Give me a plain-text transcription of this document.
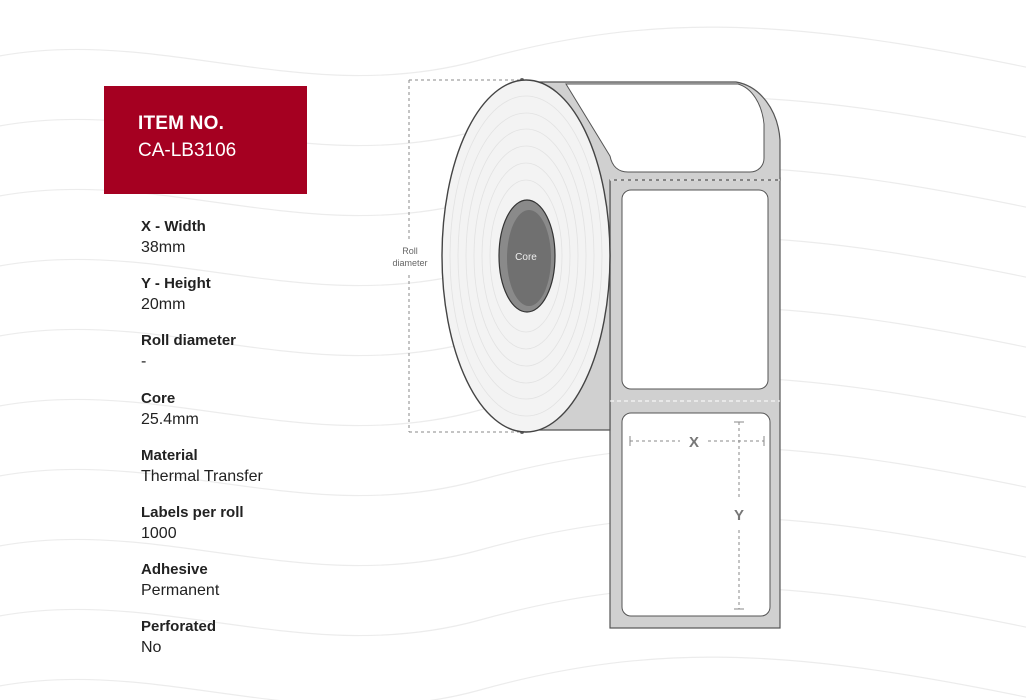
ITEM NO.
CA-LB3106
X - Width
38mm
Y - Height
20mm
Roll diameter
-
Core
25.4mm
Material
Thermal Transfer
Labels per roll
1000
Adhesive
Permanent
Perforated
No
Roll
diameter	Core
X
Y
